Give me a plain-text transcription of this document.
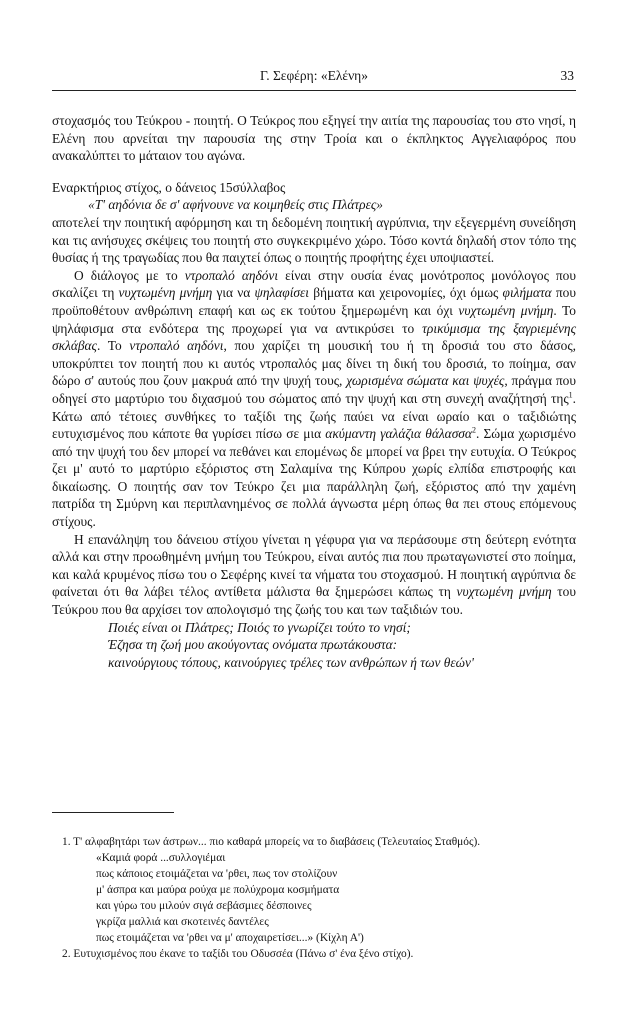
Γ. Σεφέρη: «Ελένη»	33

στοχασμός του Τεύκρου - ποιητή. Ο Τεύκρος που εξηγεί την αιτία της παρουσίας του στο νησί, η Ελένη που αρνείται την παρουσία της στην Τροία και ο έκπληκτος Αγγελιαφόρος που ανακαλύπτει το μάταιον του αγώνα.

Εναρκτήριος στίχος, ο δάνειος 15σύλλαβος

«Τ' αηδόνια δε σ' αφήνουνε να κοιμηθείς στις Πλάτρες»

αποτελεί την ποιητική αφόρμηση και τη δεδομένη ποιητική αγρύπνια, την εξεγερμένη συνείδηση και τις ανήσυχες σκέψεις του ποιητή στο συγκεκριμένο χώρο. Τόσο κοντά δηλαδή στον τόπο της θυσίας ή της τραγωδίας που θα παιχτεί όπως ο ποιητής προφήτης έχει υποψιαστεί.

Ο διάλογος με το ντροπαλό αηδόνι είναι στην ουσία ένας μονότροπος μονόλογος που σκαλίζει τη νυχτωμένη μνήμη για να ψηλαφίσει βήματα και χειρονομίες, όχι όμως φιλήματα που προϋποθέτουν ανθρώπινη επαφή και ως εκ τούτου ξημερωμένη και όχι νυχτωμένη μνήμη. Το ψηλάφισμα στα ενδότερα της προχωρεί για να αντικρύσει το τρικύμισμα της ξαγριεμένης σκλάβας. Το ντροπαλό αηδόνι, που χαρίζει τη μουσική του ή τη δροσιά του στο δάσος, υποκρύπτει τον ποιητή που κι αυτός ντροπαλός μας δίνει τη δική του δροσιά, το ποίημα, σαν δώρο σ' αυτούς που ζουν μακρυά από την ψυχή τους, χωρισμένα σώματα και ψυχές, πράγμα που οδηγεί στο μαρτύριο του διχασμού του σώματος από την ψυχή και στη συνεχή αναζήτησή της$^1$. Κάτω από τέτοιες συνθήκες το ταξίδι της ζωής παύει να είναι ωραίο και ο ταξιδιώτης ευτυχισμένος που κάποτε θα γυρίσει πίσω σε μια ακύμαντη γαλάζια θάλασσα$^2$. Σώμα χωρισμένο από την ψυχή του δεν μπορεί να πεθάνει και επομένως δε μπορεί να βρει την ευτυχία. Ο Τεύκρος ζει μ' αυτό το μαρτύριο εξόριστος στη Σαλαμίνα της Κύπρου χωρίς ελπίδα επιστροφής και δικαίωσης. Ο ποιητής σαν τον Τεύκρο ζει μια παράλληλη ζωή, εξόριστος από την χαμένη πατρίδα τη Σμύρνη και περιπλανημένος σε πολλά άγνωστα μέρη όπως θα πει στους επόμενους στίχους.

Η επανάληψη του δάνειου στίχου γίνεται η γέφυρα για να περάσουμε στη δεύτερη ενότητα αλλά και στην προωθημένη μνήμη του Τεύκρου, είναι αυτός πια που πρωταγωνιστεί στο ποίημα, και καλά κρυμένος πίσω του ο Σεφέρης κινεί τα νήματα του στοχασμού. Η ποιητική αγρύπνια δε φαίνεται ότι θα λάβει τέλος αντίθετα μάλιστα θα ξημερώσει κάπως τη νυχτωμένη μνήμη του Τεύκρου που θα αρχίσει τον απολογισμό της ζωής του και των ταξιδιών του.

Ποιές είναι οι Πλάτρες; Ποιός το γνωρίζει τούτο το νησί;
Έζησα τη ζωή μου ακούγοντας ονόματα πρωτάκουστα:
καινούργιους τόπους, καινούργιες τρέλες των ανθρώπων ή των θεών'

1. Τ' αλφαβητάρι των άστρων... πιο καθαρά μπορείς να το διαβάσεις (Τελευταίος Σταθμός).

«Καμιά φορά ...συλλογιέμαι
πως κάποιος ετοιμάζεται να 'ρθει, πως τον στολίζουν
μ' άσπρα και μαύρα ρούχα με πολύχρομα κοσμήματα
και γύρω του μιλούν σιγά σεβάσμιες δέσποινες
γκρίζα μαλλιά και σκοτεινές δαντέλες
πως ετοιμάζεται να 'ρθει να μ' αποχαιρετίσει...» (Κίχλη Α')

2. Ευτυχισμένος που έκανε το ταξίδι του Οδυσσέα (Πάνω σ' ένα ξένο στίχο).
